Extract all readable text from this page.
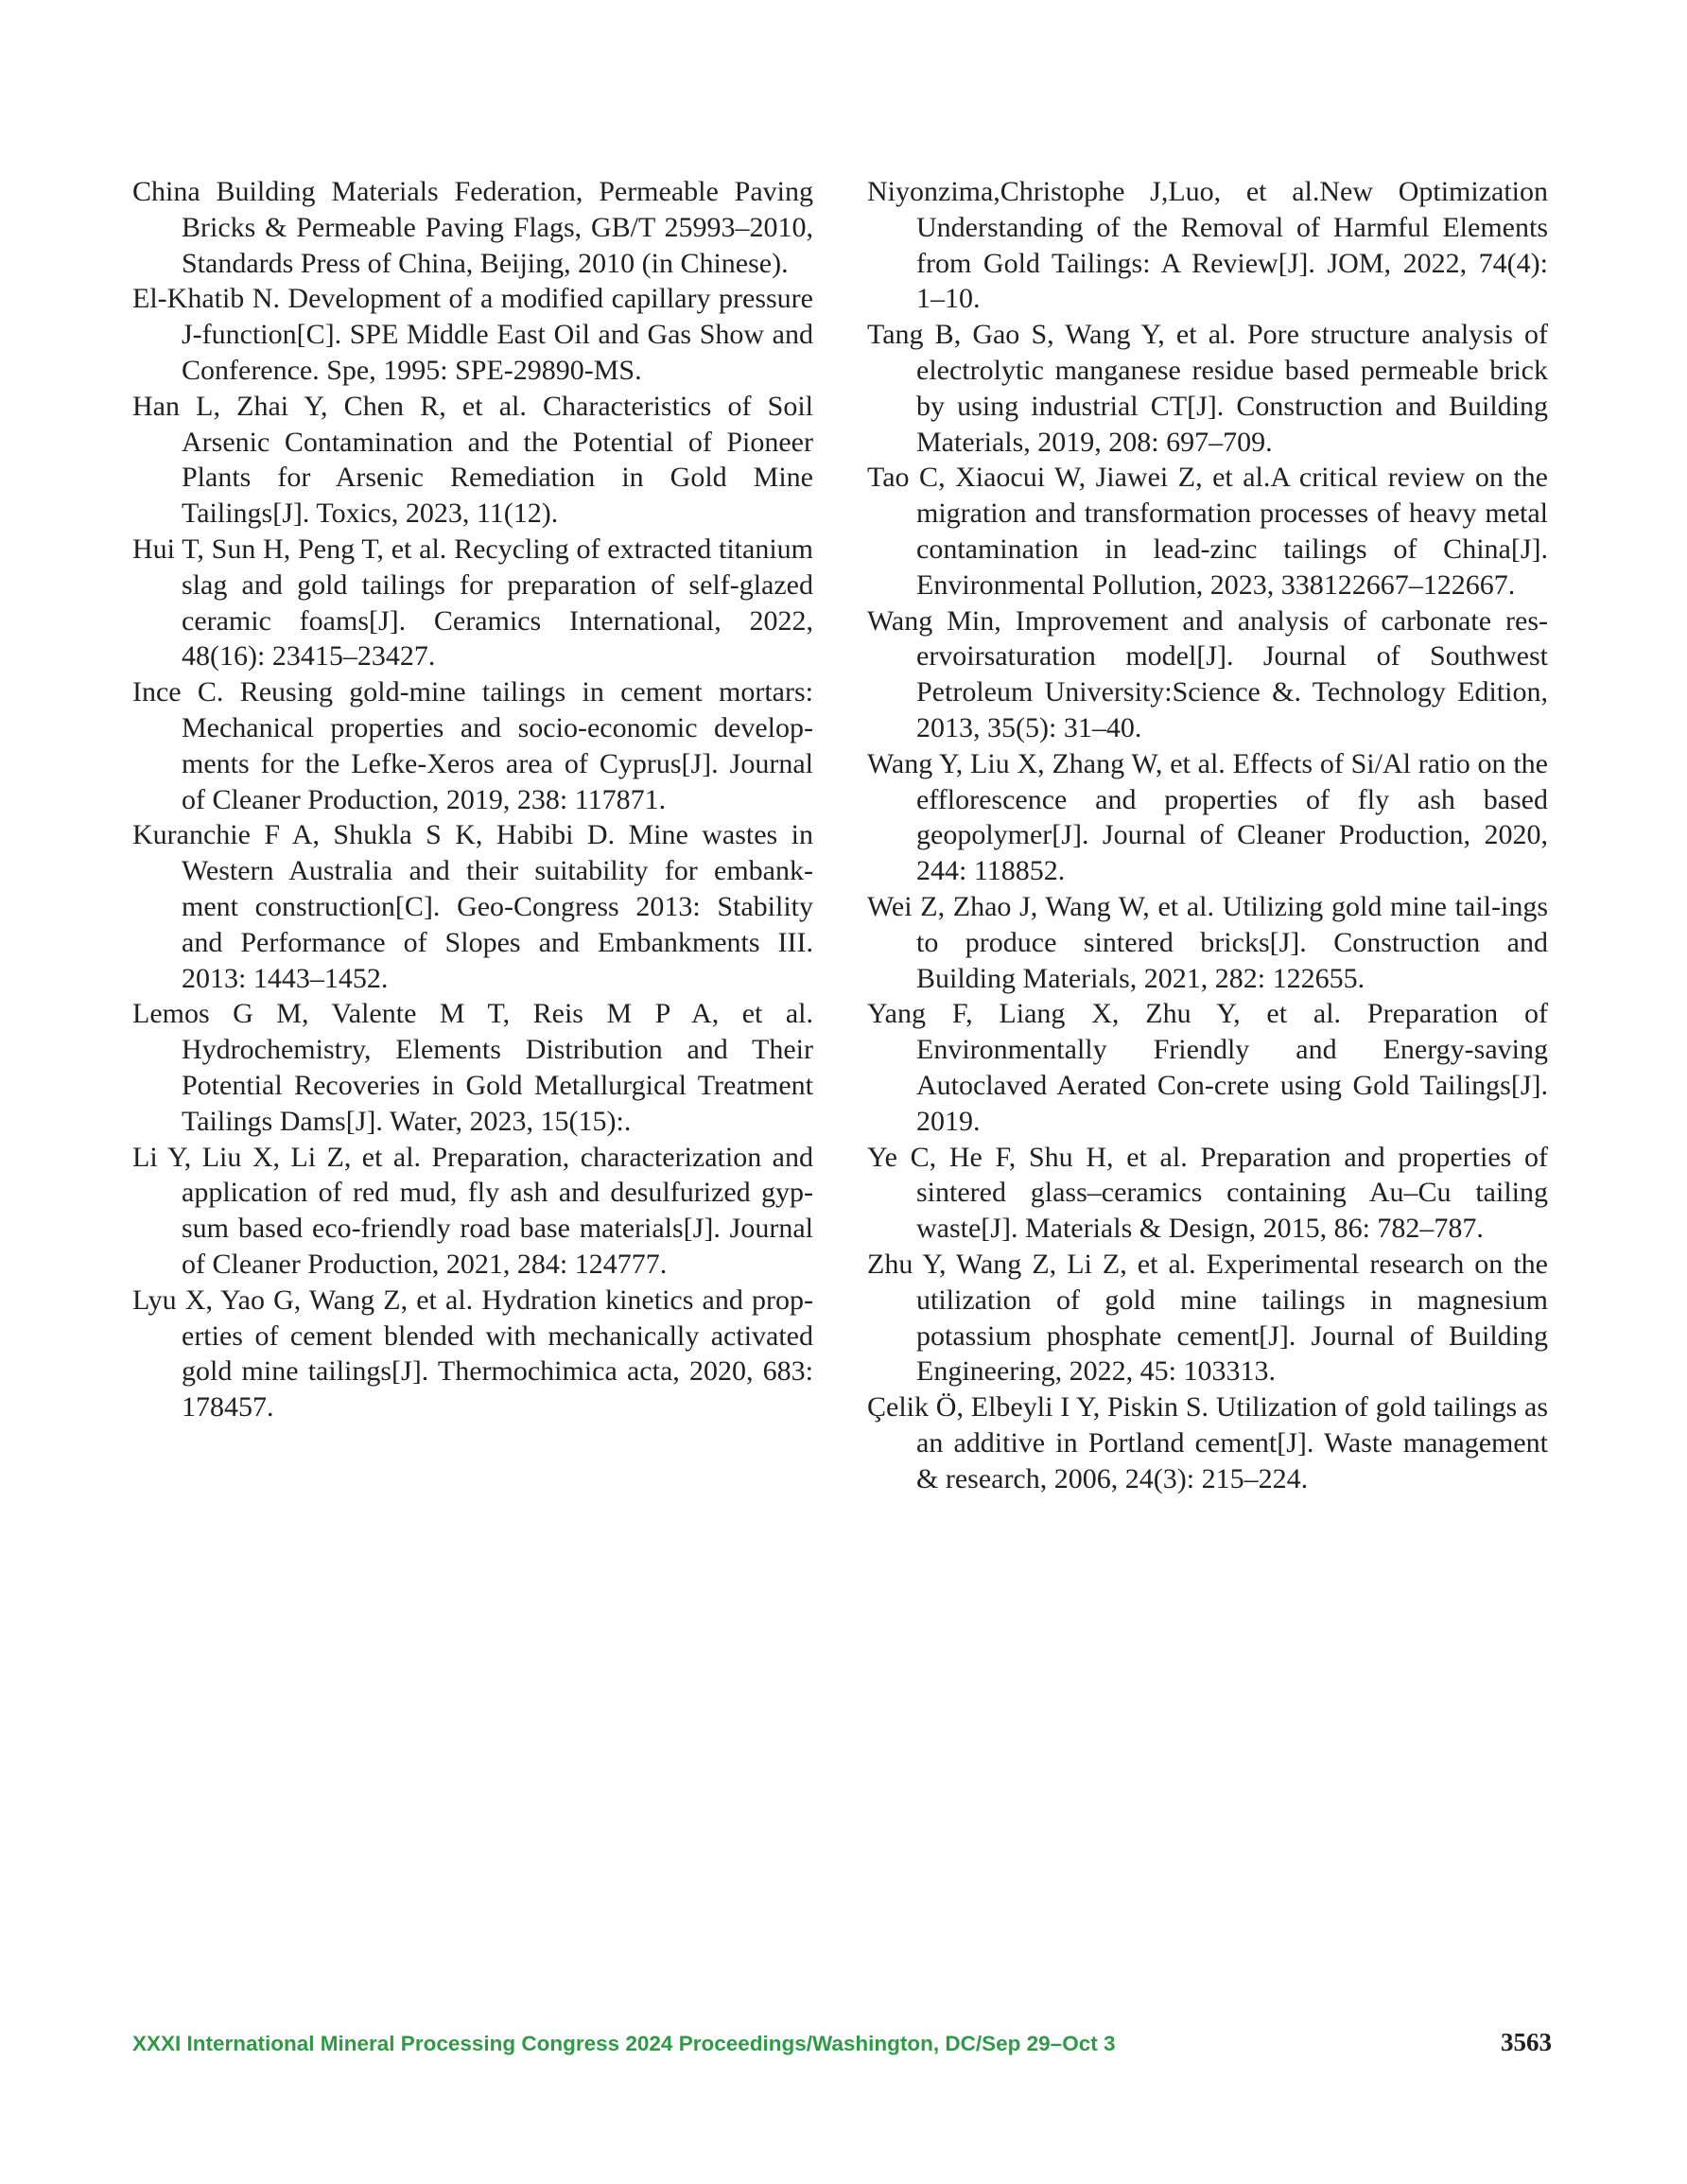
China Building Materials Federation, Permeable Paving Bricks & Permeable Paving Flags, GB/T 25993–2010, Standards Press of China, Beijing, 2010 (in Chinese).

El-Khatib N. Development of a modified capillary pressure J-function[C]. SPE Middle East Oil and Gas Show and Conference. Spe, 1995: SPE-29890-MS.

Han L, Zhai Y, Chen R, et al. Characteristics of Soil Arsenic Contamination and the Potential of Pioneer Plants for Arsenic Remediation in Gold Mine Tailings[J]. Toxics, 2023, 11(12).

Hui T, Sun H, Peng T, et al. Recycling of extracted titanium slag and gold tailings for preparation of self-glazed ceramic foams[J]. Ceramics International, 2022, 48(16): 23415–23427.

Ince C. Reusing gold-mine tailings in cement mortars: Mechanical properties and socio-economic develop-ments for the Lefke-Xeros area of Cyprus[J]. Journal of Cleaner Production, 2019, 238: 117871.

Kuranchie F A, Shukla S K, Habibi D. Mine wastes in Western Australia and their suitability for embank-ment construction[C]. Geo-Congress 2013: Stability and Performance of Slopes and Embankments III. 2013: 1443–1452.

Lemos G M, Valente M T, Reis M P A, et al. Hydrochemistry, Elements Distribution and Their Potential Recoveries in Gold Metallurgical Treatment Tailings Dams[J]. Water, 2023, 15(15):.

Li Y, Liu X, Li Z, et al. Preparation, characterization and application of red mud, fly ash and desulfurized gyp-sum based eco-friendly road base materials[J]. Journal of Cleaner Production, 2021, 284: 124777.

Lyu X, Yao G, Wang Z, et al. Hydration kinetics and prop-erties of cement blended with mechanically activated gold mine tailings[J]. Thermochimica acta, 2020, 683: 178457.

Niyonzima,Christophe J,Luo, et al.New Optimization Understanding of the Removal of Harmful Elements from Gold Tailings: A Review[J]. JOM, 2022, 74(4): 1–10.

Tang B, Gao S, Wang Y, et al. Pore structure analysis of electrolytic manganese residue based permeable brick by using industrial CT[J]. Construction and Building Materials, 2019, 208: 697–709.

Tao C, Xiaocui W, Jiawei Z, et al.A critical review on the migration and transformation processes of heavy metal contamination in lead-zinc tailings of China[J]. Environmental Pollution, 2023, 338122667–122667.

Wang Min, Improvement and analysis of carbonate res-ervoirsaturation model[J]. Journal of Southwest Petroleum University:Science &. Technology Edition, 2013, 35(5): 31–40.

Wang Y, Liu X, Zhang W, et al. Effects of Si/Al ratio on the efflorescence and properties of fly ash based geopolymer[J]. Journal of Cleaner Production, 2020, 244: 118852.

Wei Z, Zhao J, Wang W, et al. Utilizing gold mine tail-ings to produce sintered bricks[J]. Construction and Building Materials, 2021, 282: 122655.

Yang F, Liang X, Zhu Y, et al. Preparation of Environmentally Friendly and Energy-saving Autoclaved Aerated Con-crete using Gold Tailings[J]. 2019.

Ye C, He F, Shu H, et al. Preparation and properties of sintered glass–ceramics containing Au–Cu tailing waste[J]. Materials & Design, 2015, 86: 782–787.

Zhu Y, Wang Z, Li Z, et al. Experimental research on the utilization of gold mine tailings in magnesium potassium phosphate cement[J]. Journal of Building Engineering, 2022, 45: 103313.

Çelik Ö, Elbeyli I Y, Piskin S. Utilization of gold tailings as an additive in Portland cement[J]. Waste management & research, 2006, 24(3): 215–224.

XXXI International Mineral Processing Congress 2024 Proceedings/Washington, DC/Sep 29–Oct 3	3563
